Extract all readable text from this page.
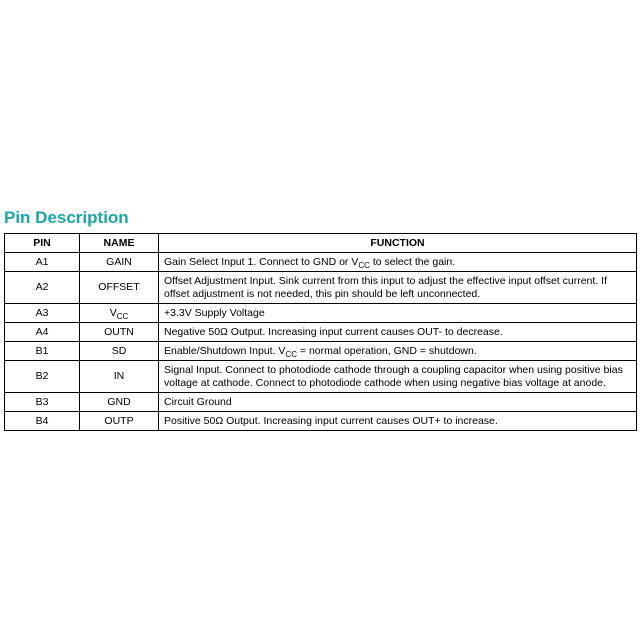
Pin Description
PIN	NAME	FUNCTION
A1	GAIN	Gain Select Input 1. Connect to GND or $V_{CC}$ to select the gain.
A2	OFFSET	Offset Adjustment Input. Sink current from this input to adjust the effective input offset current. If offset adjustment is not needed, this pin should be left unconnected.
A3	$V_{CC}$	+3.3V Supply Voltage
A4	OUTN	Negative 50Ω Output. Increasing input current causes OUT- to decrease.
B1	SD	Enable/Shutdown Input. $V_{CC}$ = normal operation, GND = shutdown.
B2	IN	Signal Input. Connect to photodiode cathode through a coupling capacitor when using positive bias voltage at cathode. Connect to photodiode cathode when using negative bias voltage at anode.
B3	GND	Circuit Ground
B4	OUTP	Positive 50Ω Output. Increasing input current causes OUT+ to increase.
